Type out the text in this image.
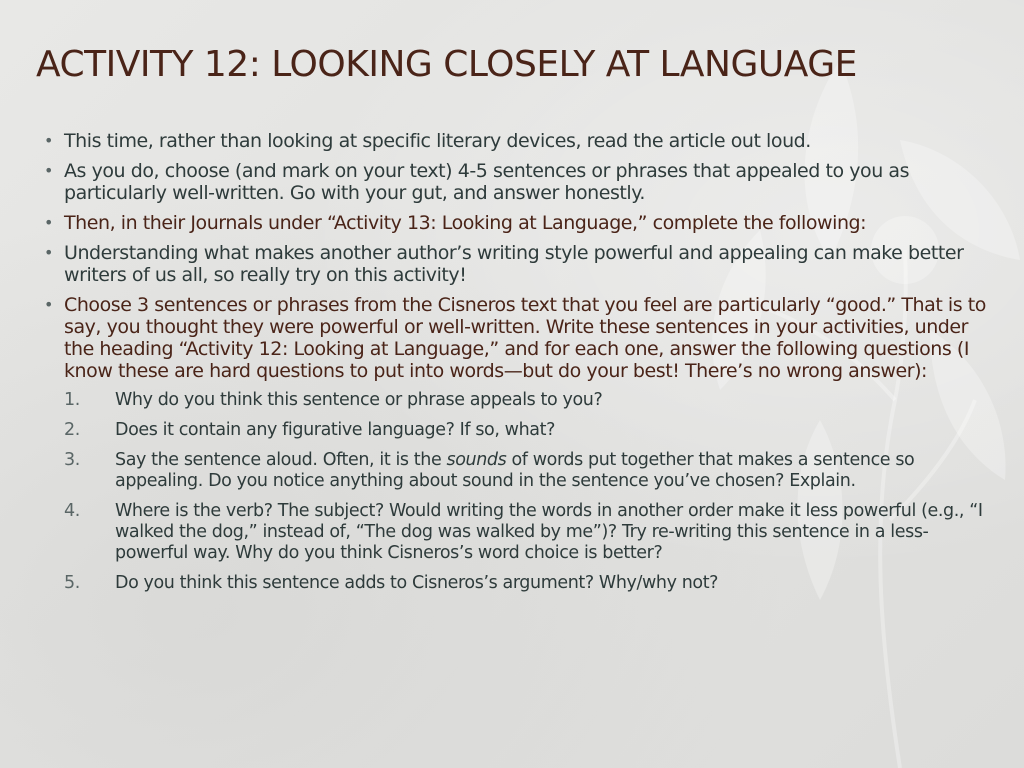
ACTIVITY 12: LOOKING CLOSELY AT LANGUAGE
• This time, rather than looking at specific literary devices, read the article out loud.
• As you do, choose (and mark on your text) 4-5 sentences or phrases that appealed to you as particularly well-written. Go with your gut, and answer honestly.
• Then, in their Journals under “Activity 13: Looking at Language,” complete the following:
• Understanding what makes another author’s writing style powerful and appealing can make better writers of us all, so really try on this activity!
• Choose 3 sentences or phrases from the Cisneros text that you feel are particularly “good.” That is to say, you thought they were powerful or well-written. Write these sentences in your activities, under the heading “Activity 12: Looking at Language,” and for each one, answer the following questions (I know these are hard questions to put into words—but do your best! There’s no wrong answer):
1. Why do you think this sentence or phrase appeals to you?
2. Does it contain any figurative language? If so, what?
3. Say the sentence aloud. Often, it is the sounds of words put together that makes a sentence so appealing. Do you notice anything about sound in the sentence you’ve chosen? Explain.
4. Where is the verb? The subject? Would writing the words in another order make it less powerful (e.g., “I walked the dog,” instead of, “The dog was walked by me”)? Try re-writing this sentence in a less-powerful way. Why do you think Cisneros’s word choice is better?
5. Do you think this sentence adds to Cisneros’s argument? Why/why not?
